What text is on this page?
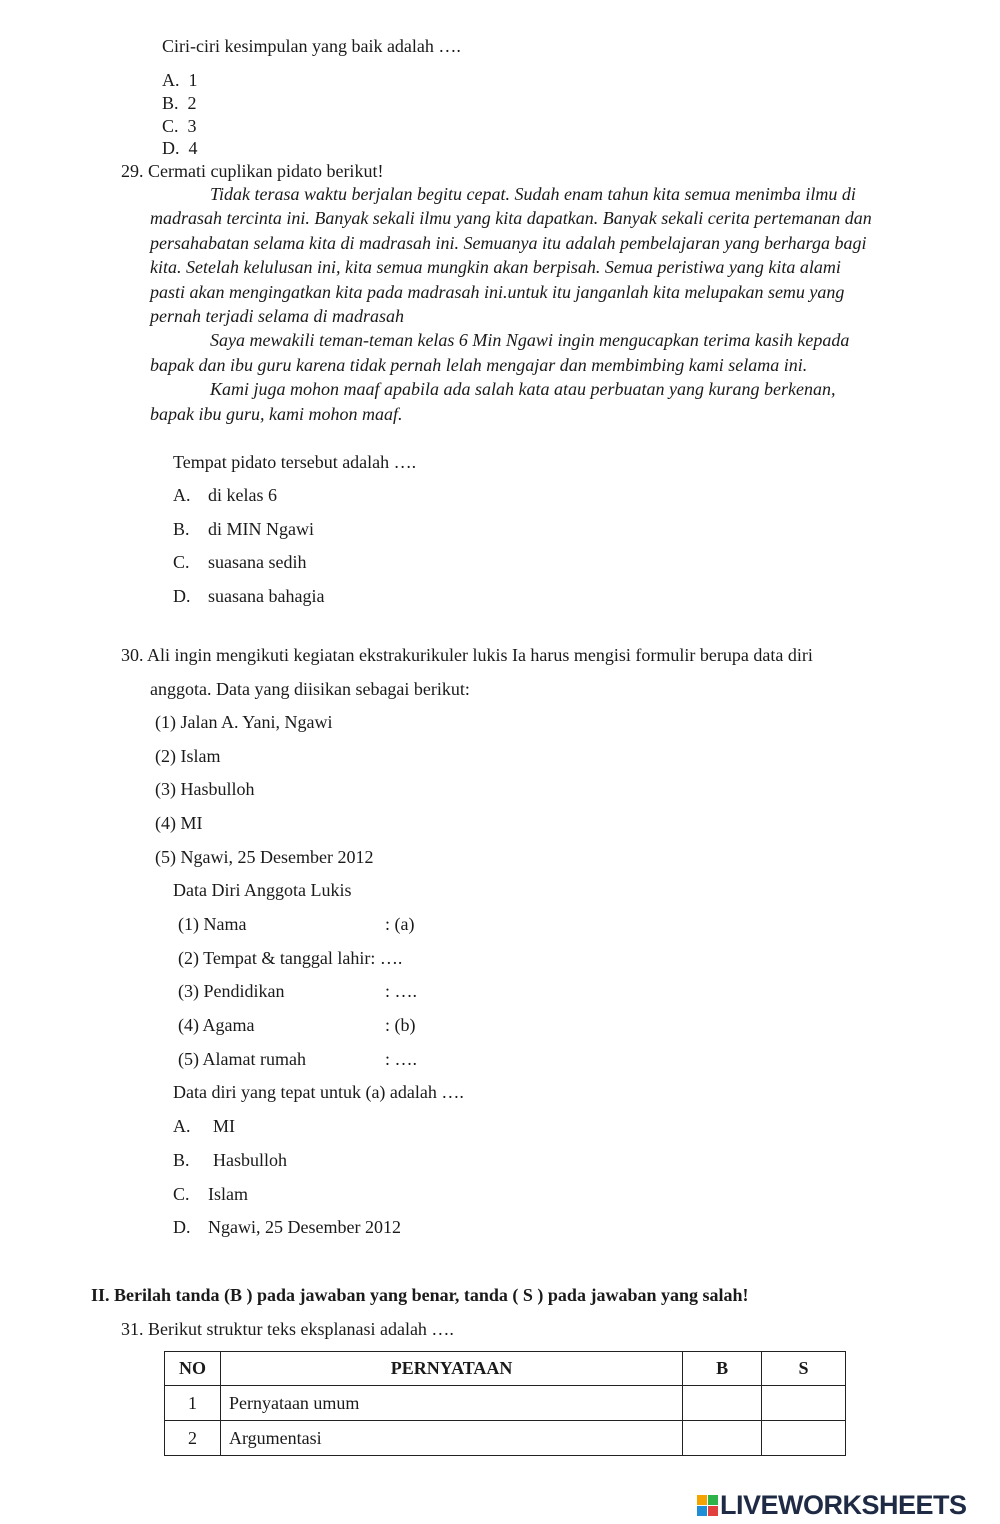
Ciri-ciri kesimpulan yang baik adalah ….
A. 1
B. 2
C. 3
D. 4
29. Cermati cuplikan pidato berikut!

Tidak terasa waktu berjalan begitu cepat. Sudah enam tahun kita semua menimba ilmu di madrasah tercinta ini. Banyak sekali ilmu yang kita dapatkan. Banyak sekali cerita pertemanan dan persahabatan selama kita di madrasah ini. Semuanya itu adalah pembelajaran yang berharga bagi kita. Setelah kelulusan ini, kita semua mungkin akan berpisah. Semua peristiwa yang kita alami pasti akan mengingatkan kita pada madrasah ini.untuk itu janganlah kita melupakan semu yang pernah terjadi selama di madrasah

Saya mewakili teman-teman kelas 6 Min Ngawi ingin mengucapkan terima kasih kepada bapak dan ibu guru karena tidak pernah lelah mengajar dan membimbing kami selama ini.

Kami juga mohon maaf apabila ada salah kata atau perbuatan yang kurang berkenan, bapak ibu guru, kami mohon maaf.

Tempat pidato tersebut adalah ….
A. di kelas 6
B. di MIN Ngawi
C. suasana sedih
D. suasana bahagia
30. Ali ingin mengikuti kegiatan ekstrakurikuler lukis Ia harus mengisi formulir berupa data diri
anggota. Data yang diisikan sebagai berikut:
(1) Jalan A. Yani, Ngawi
(2) Islam
(3) Hasbulloh
(4) MI
(5) Ngawi, 25 Desember 2012
Data Diri Anggota Lukis
(1) Nama	: (a)
(2) Tempat & tanggal lahir: ….
(3) Pendidikan	: ….
(4) Agama	: (b)
(5) Alamat rumah	: ….
Data diri yang tepat untuk (a) adalah ….
A. MI
B. Hasbulloh
C. Islam
D. Ngawi, 25 Desember 2012
II. Berilah tanda (B ) pada jawaban yang benar, tanda ( S ) pada jawaban yang salah!
31. Berikut struktur teks eksplanasi adalah ….
NO	PERNYATAAN	B	S
1	Pernyataan umum		
2	Argumentasi		
LIVEWORKSHEETS
